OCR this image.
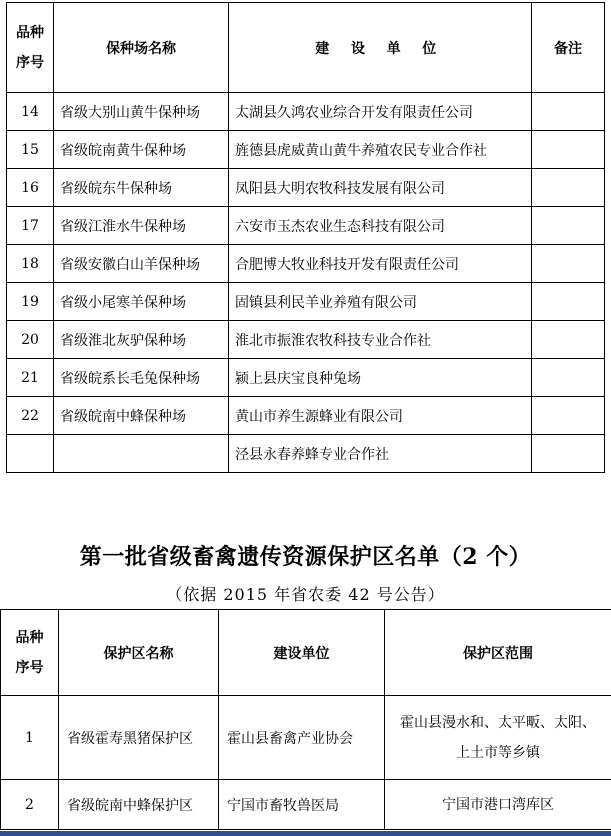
品种
序号	保种场名称	建 设 单 位	备注
14	省级大别山黄牛保种场	太湖县久鸿农业综合开发有限责任公司	
15	省级皖南黄牛保种场	旌德县虎威黄山黄牛养殖农民专业合作社	
16	省级皖东牛保种场	凤阳县大明农牧科技发展有限公司	
17	省级江淮水牛保种场	六安市玉杰农业生态科技有限公司	
18	省级安徽白山羊保种场	合肥博大牧业科技开发有限责任公司	
19	省级小尾寒羊保种场	固镇县利民羊业养殖有限公司	
20	省级淮北灰驴保种场	淮北市振淮农牧科技专业合作社	
21	省级皖系长毛兔保种场	颍上县庆宝良种兔场	
22	省级皖南中蜂保种场	黄山市养生源蜂业有限公司	
		泾县永春养蜂专业合作社	
第一批省级畜禽遗传资源保护区名单（2 个）
（依据 2015 年省农委 42 号公告）
品种
序号	保护区名称	建设单位	保护区范围
1	省级霍寿黑猪保护区	霍山县畜禽产业协会	霍山县漫水和、太平畈、太阳、
上土市等乡镇

2	省级皖南中蜂保护区	宁国市畜牧兽医局	宁国市港口湾库区
